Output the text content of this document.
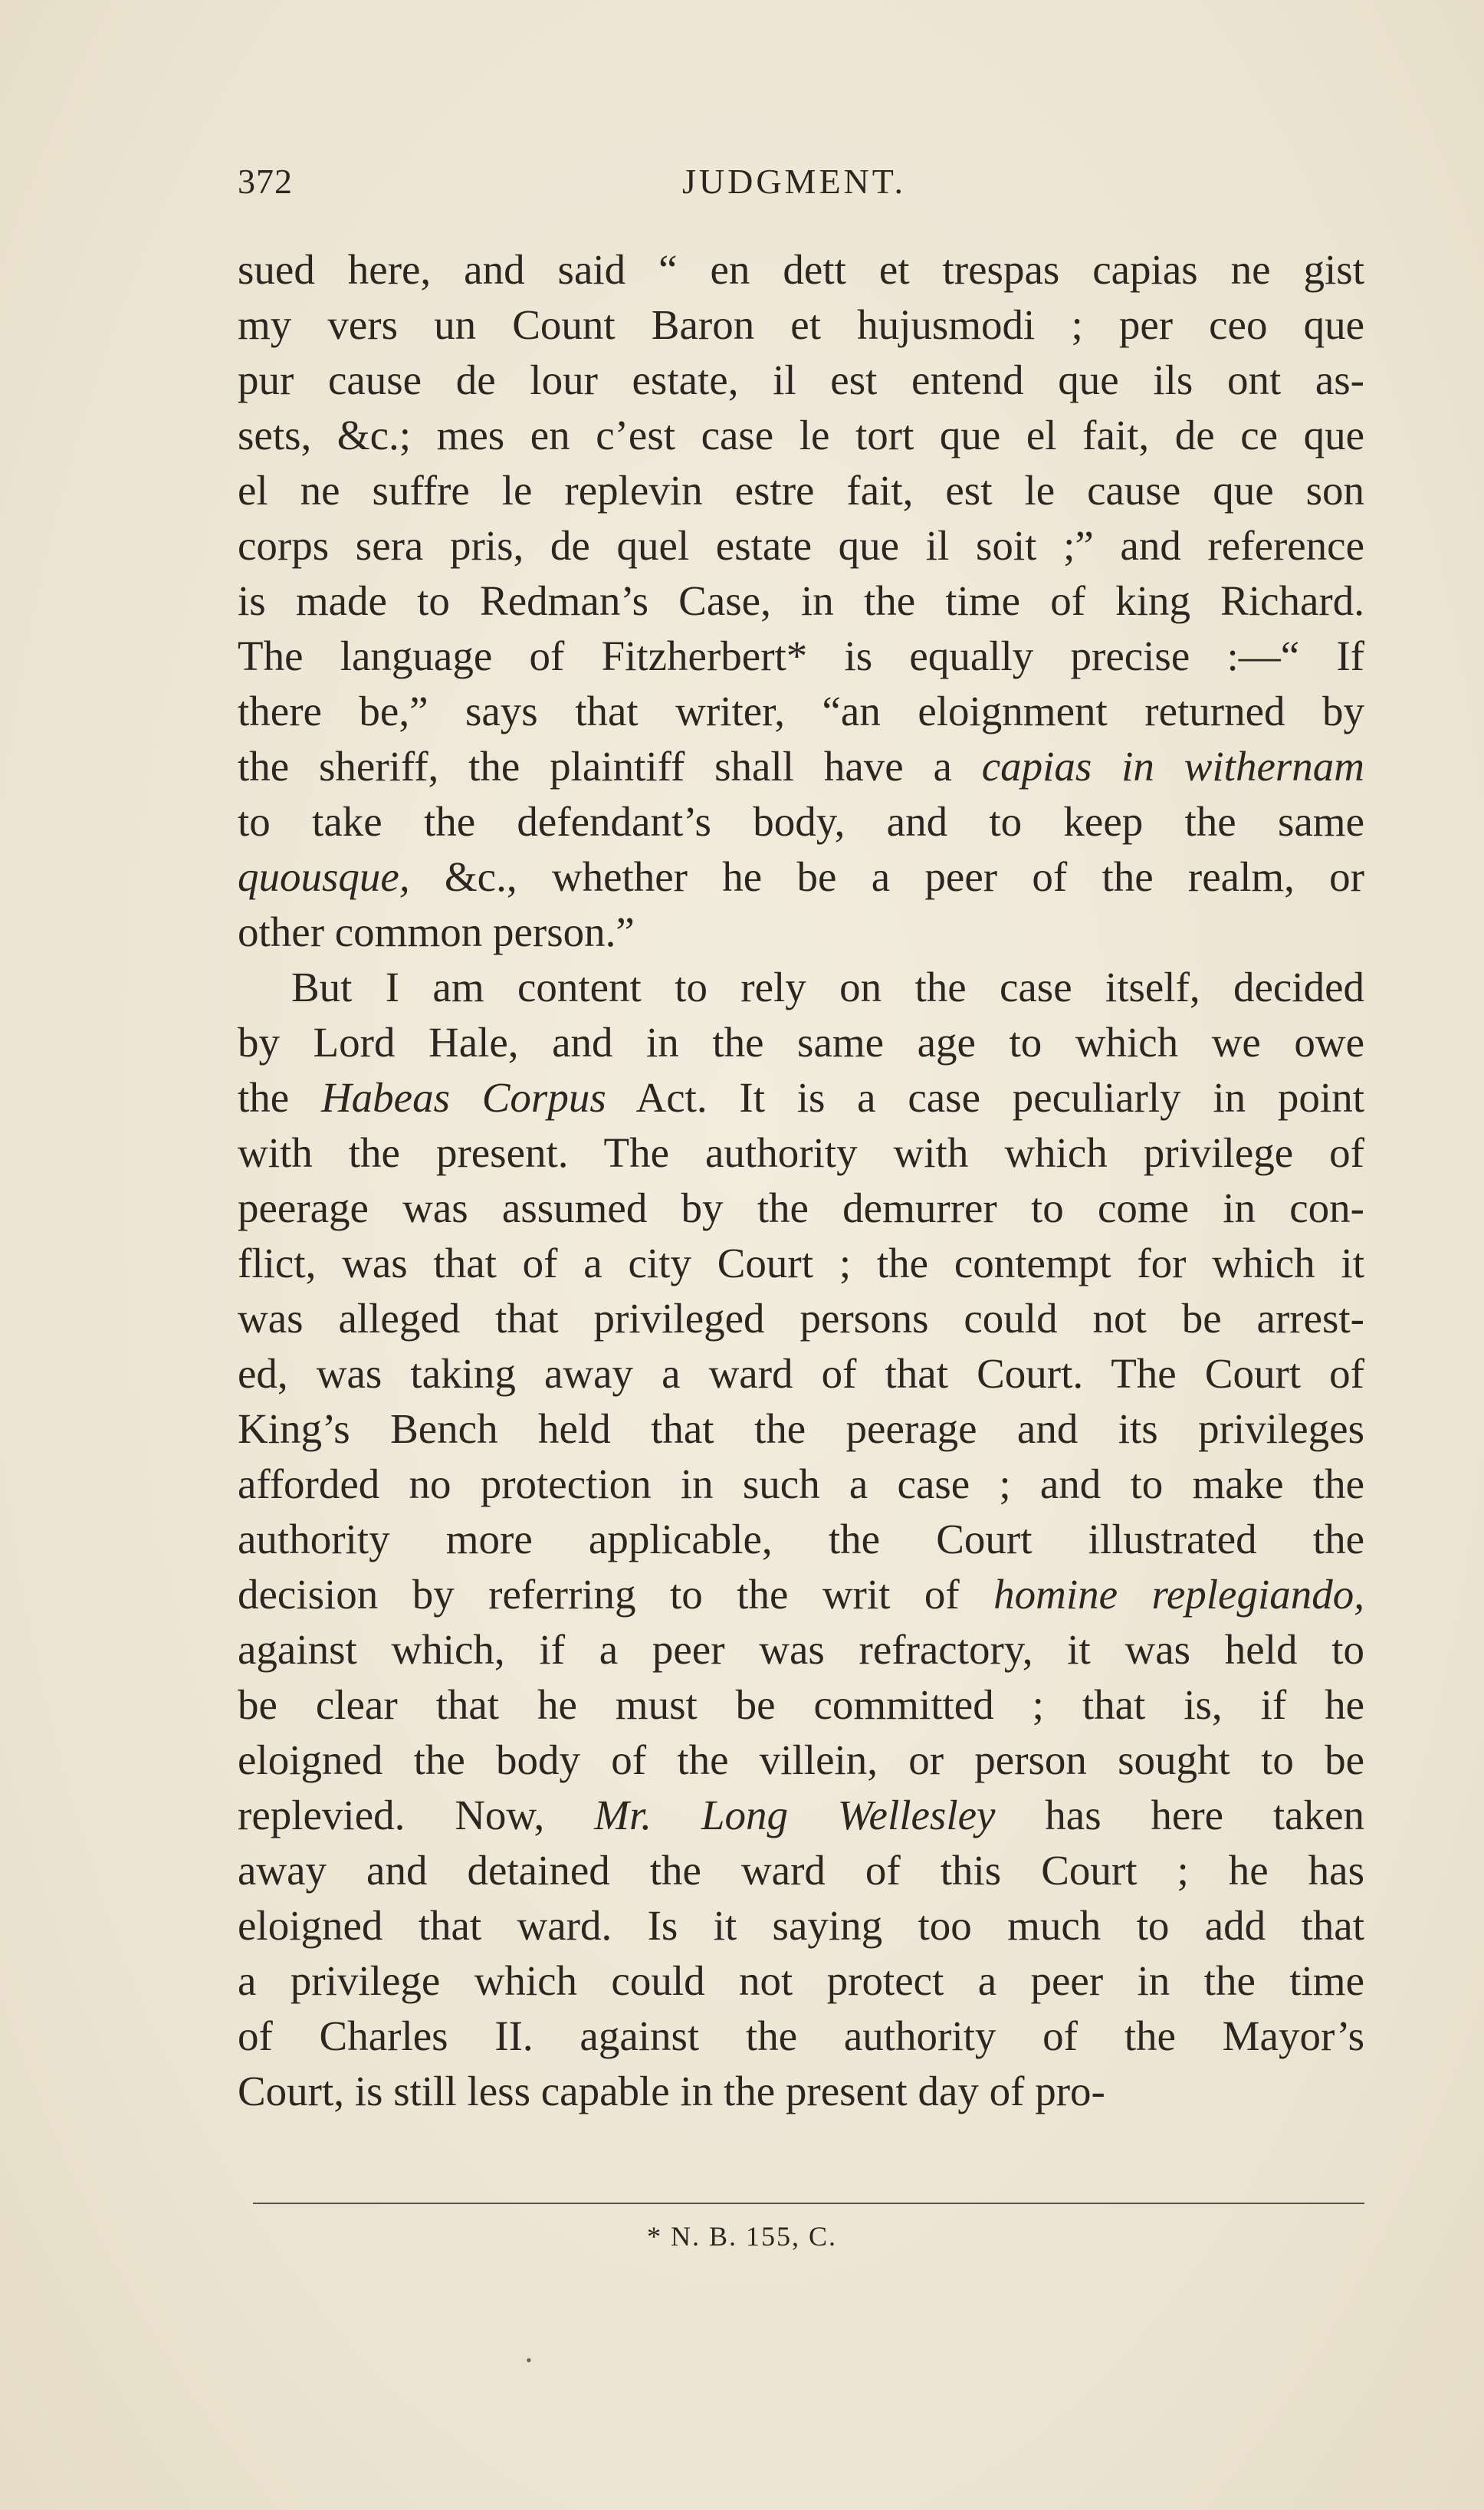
372	JUDGMENT.
sued here, and said “ en dett et trespas capias ne gist
my vers un Count Baron et hujusmodi ; per ceo que
pur cause de lour estate, il est entend que ils ont as-
sets, &c.; mes en c’est case le tort que el fait, de ce que
el ne suffre le replevin estre fait, est le cause que son
corps sera pris, de quel estate que il soit ;” and reference
is made to Redman’s Case, in the time of king Richard.
The language of Fitzherbert* is equally precise :—“ If
there be,” says that writer, “an eloignment returned by
the sheriff, the plaintiff shall have a capias in withernam
to take the defendant’s body, and to keep the same
quousque, &c., whether he be a peer of the realm, or
other common person.”
But I am content to rely on the case itself, decided
by Lord Hale, and in the same age to which we owe
the Habeas Corpus Act. It is a case peculiarly in point
with the present. The authority with which privilege of
peerage was assumed by the demurrer to come in con-
flict, was that of a city Court ; the contempt for which it
was alleged that privileged persons could not be arrest-
ed, was taking away a ward of that Court. The Court of
King’s Bench held that the peerage and its privileges
afforded no protection in such a case ; and to make the
authority more applicable, the Court illustrated the
decision by referring to the writ of homine replegiando,
against which, if a peer was refractory, it was held to
be clear that he must be committed ; that is, if he
eloigned the body of the villein, or person sought to be
replevied. Now, Mr. Long Wellesley has here taken
away and detained the ward of this Court ; he has
eloigned that ward. Is it saying too much to add that
a privilege which could not protect a peer in the time
of Charles II. against the authority of the Mayor’s
Court, is still less capable in the present day of pro-
* N. B. 155, C.
•
